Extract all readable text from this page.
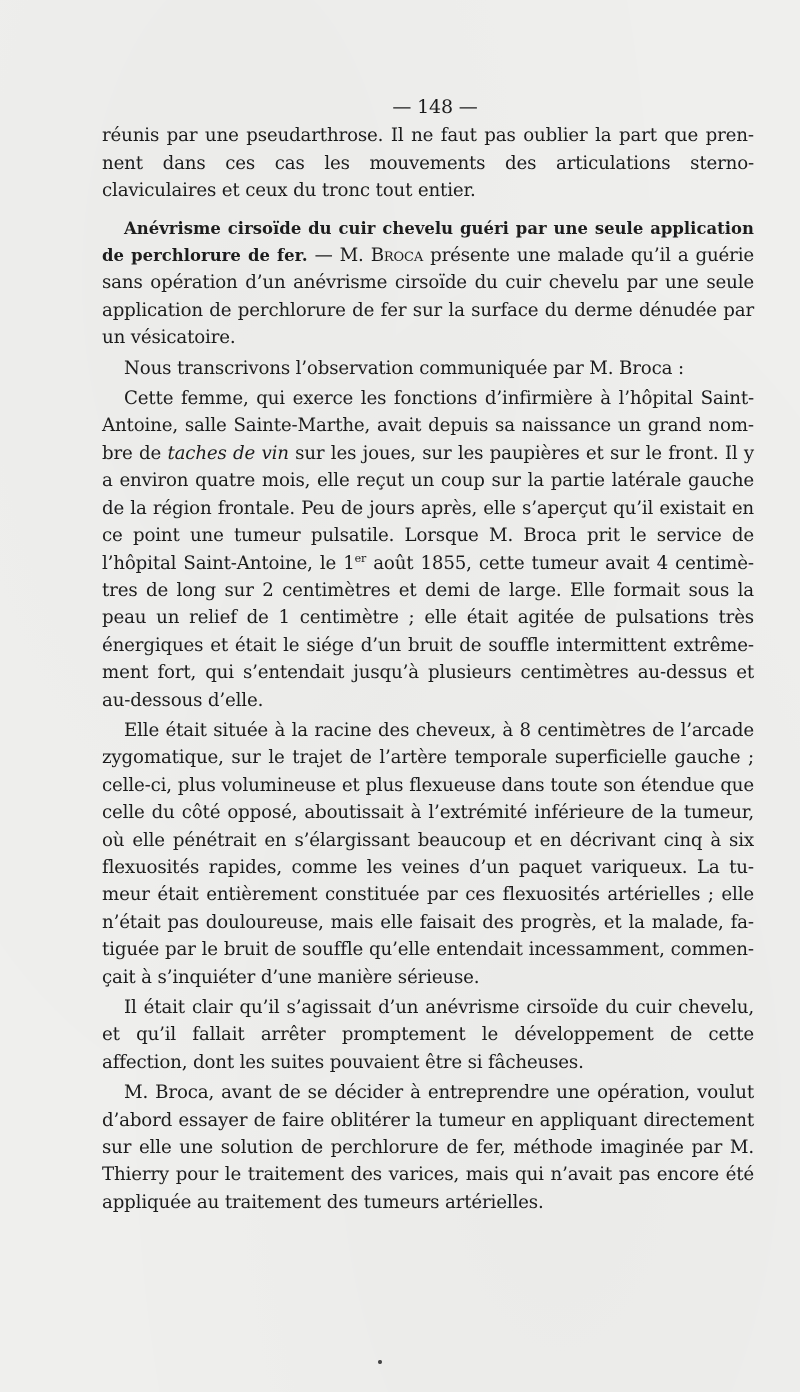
— 148 —

réunis par une pseudarthrose. Il ne faut pas oublier la part que prennent dans ces cas les mouvements des articulations sterno-claviculaires et ceux du tronc tout entier.

Anévrisme cirsoïde du cuir chevelu guéri par une seule application de perchlorure de fer. — M. Broca présente une malade qu’il a guérie sans opération d’un anévrisme cirsoïde du cuir chevelu par une seule application de perchlorure de fer sur la surface du derme dénudée par un vésicatoire.

Nous transcrivons l’observation communiquée par M. Broca :

Cette femme, qui exerce les fonctions d’infirmière à l’hôpital Saint-Antoine, salle Sainte-Marthe, avait depuis sa naissance un grand nombre de taches de vin sur les joues, sur les paupières et sur le front. Il y a environ quatre mois, elle reçut un coup sur la partie latérale gauche de la région frontale. Peu de jours après, elle s’aperçut qu’il existait en ce point une tumeur pulsatile. Lorsque M. Broca prit le service de l’hôpital Saint-Antoine, le 1er août 1855, cette tumeur avait 4 centimètres de long sur 2 centimètres et demi de large. Elle formait sous la peau un relief de 1 centimètre ; elle était agitée de pulsations très énergiques et était le siége d’un bruit de souffle intermittent extrêmement fort, qui s’entendait jusqu’à plusieurs centimètres au-dessus et au-dessous d’elle.

Elle était située à la racine des cheveux, à 8 centimètres de l’arcade zygomatique, sur le trajet de l’artère temporale superficielle gauche ; celle-ci, plus volumineuse et plus flexueuse dans toute son étendue que celle du côté opposé, aboutissait à l’extrémité inférieure de la tumeur, où elle pénétrait en s’élargissant beaucoup et en décrivant cinq à six flexuosités rapides, comme les veines d’un paquet variqueux. La tumeur était entièrement constituée par ces flexuosités artérielles ; elle n’était pas douloureuse, mais elle faisait des progrès, et la malade, fatiguée par le bruit de souffle qu’elle entendait incessamment, commençait à s’inquiéter d’une manière sérieuse.

Il était clair qu’il s’agissait d’un anévrisme cirsoïde du cuir chevelu, et qu’il fallait arrêter promptement le développement de cette affection, dont les suites pouvaient être si fâcheuses.

M. Broca, avant de se décider à entreprendre une opération, voulut d’abord essayer de faire oblitérer la tumeur en appliquant directement sur elle une solution de perchlorure de fer, méthode imaginée par M. Thierry pour le traitement des varices, mais qui n’avait pas encore été appliquée au traitement des tumeurs artérielles.
